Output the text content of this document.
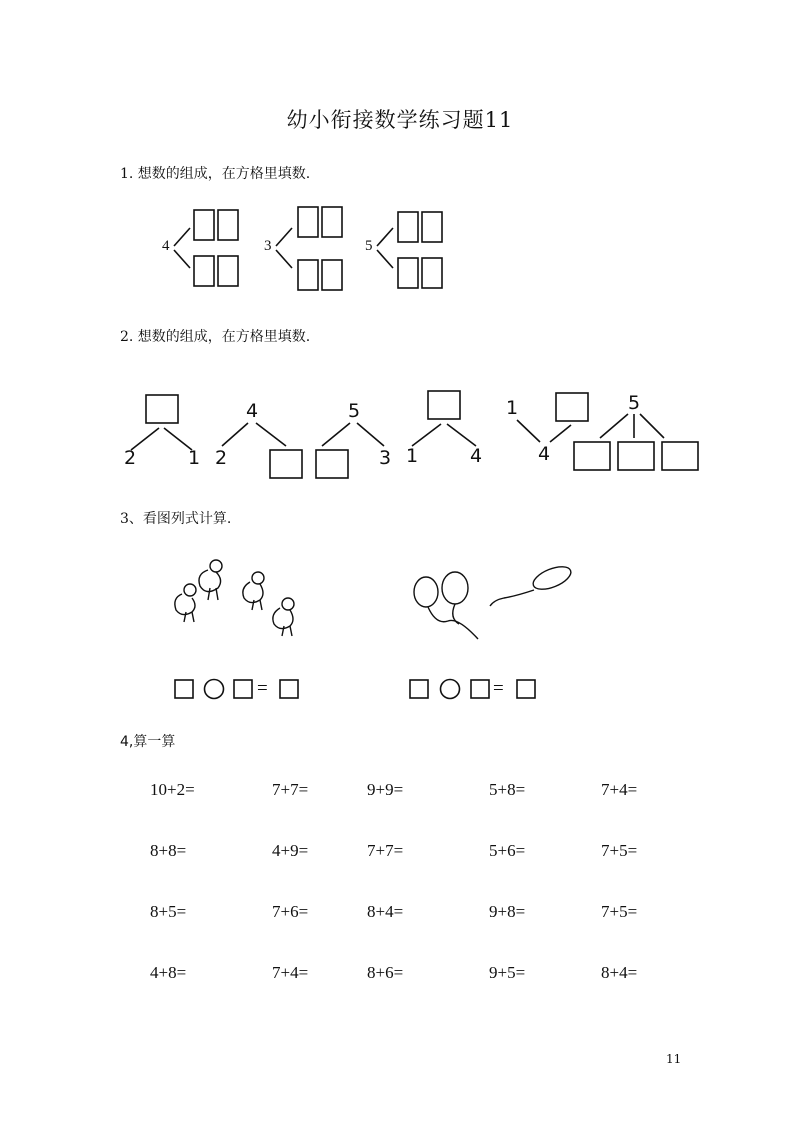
幼小衔接数学练习题11
1. 想数的组成，在方格里填数.
4	3	5
2. 想数的组成，在方格里填数.
2	1
4
2
5
3 1	4
1
4
5
3、看图列式计算.
=	=
4,算一算
10+2=	7+7=	9+9=	5+8=	7+4=
8+8=	4+9=	7+7=	5+6=	7+5=
8+5=	7+6=	8+4=	9+8=	7+5=
4+8=	7+4=	8+6=	9+5=	8+4=
11
